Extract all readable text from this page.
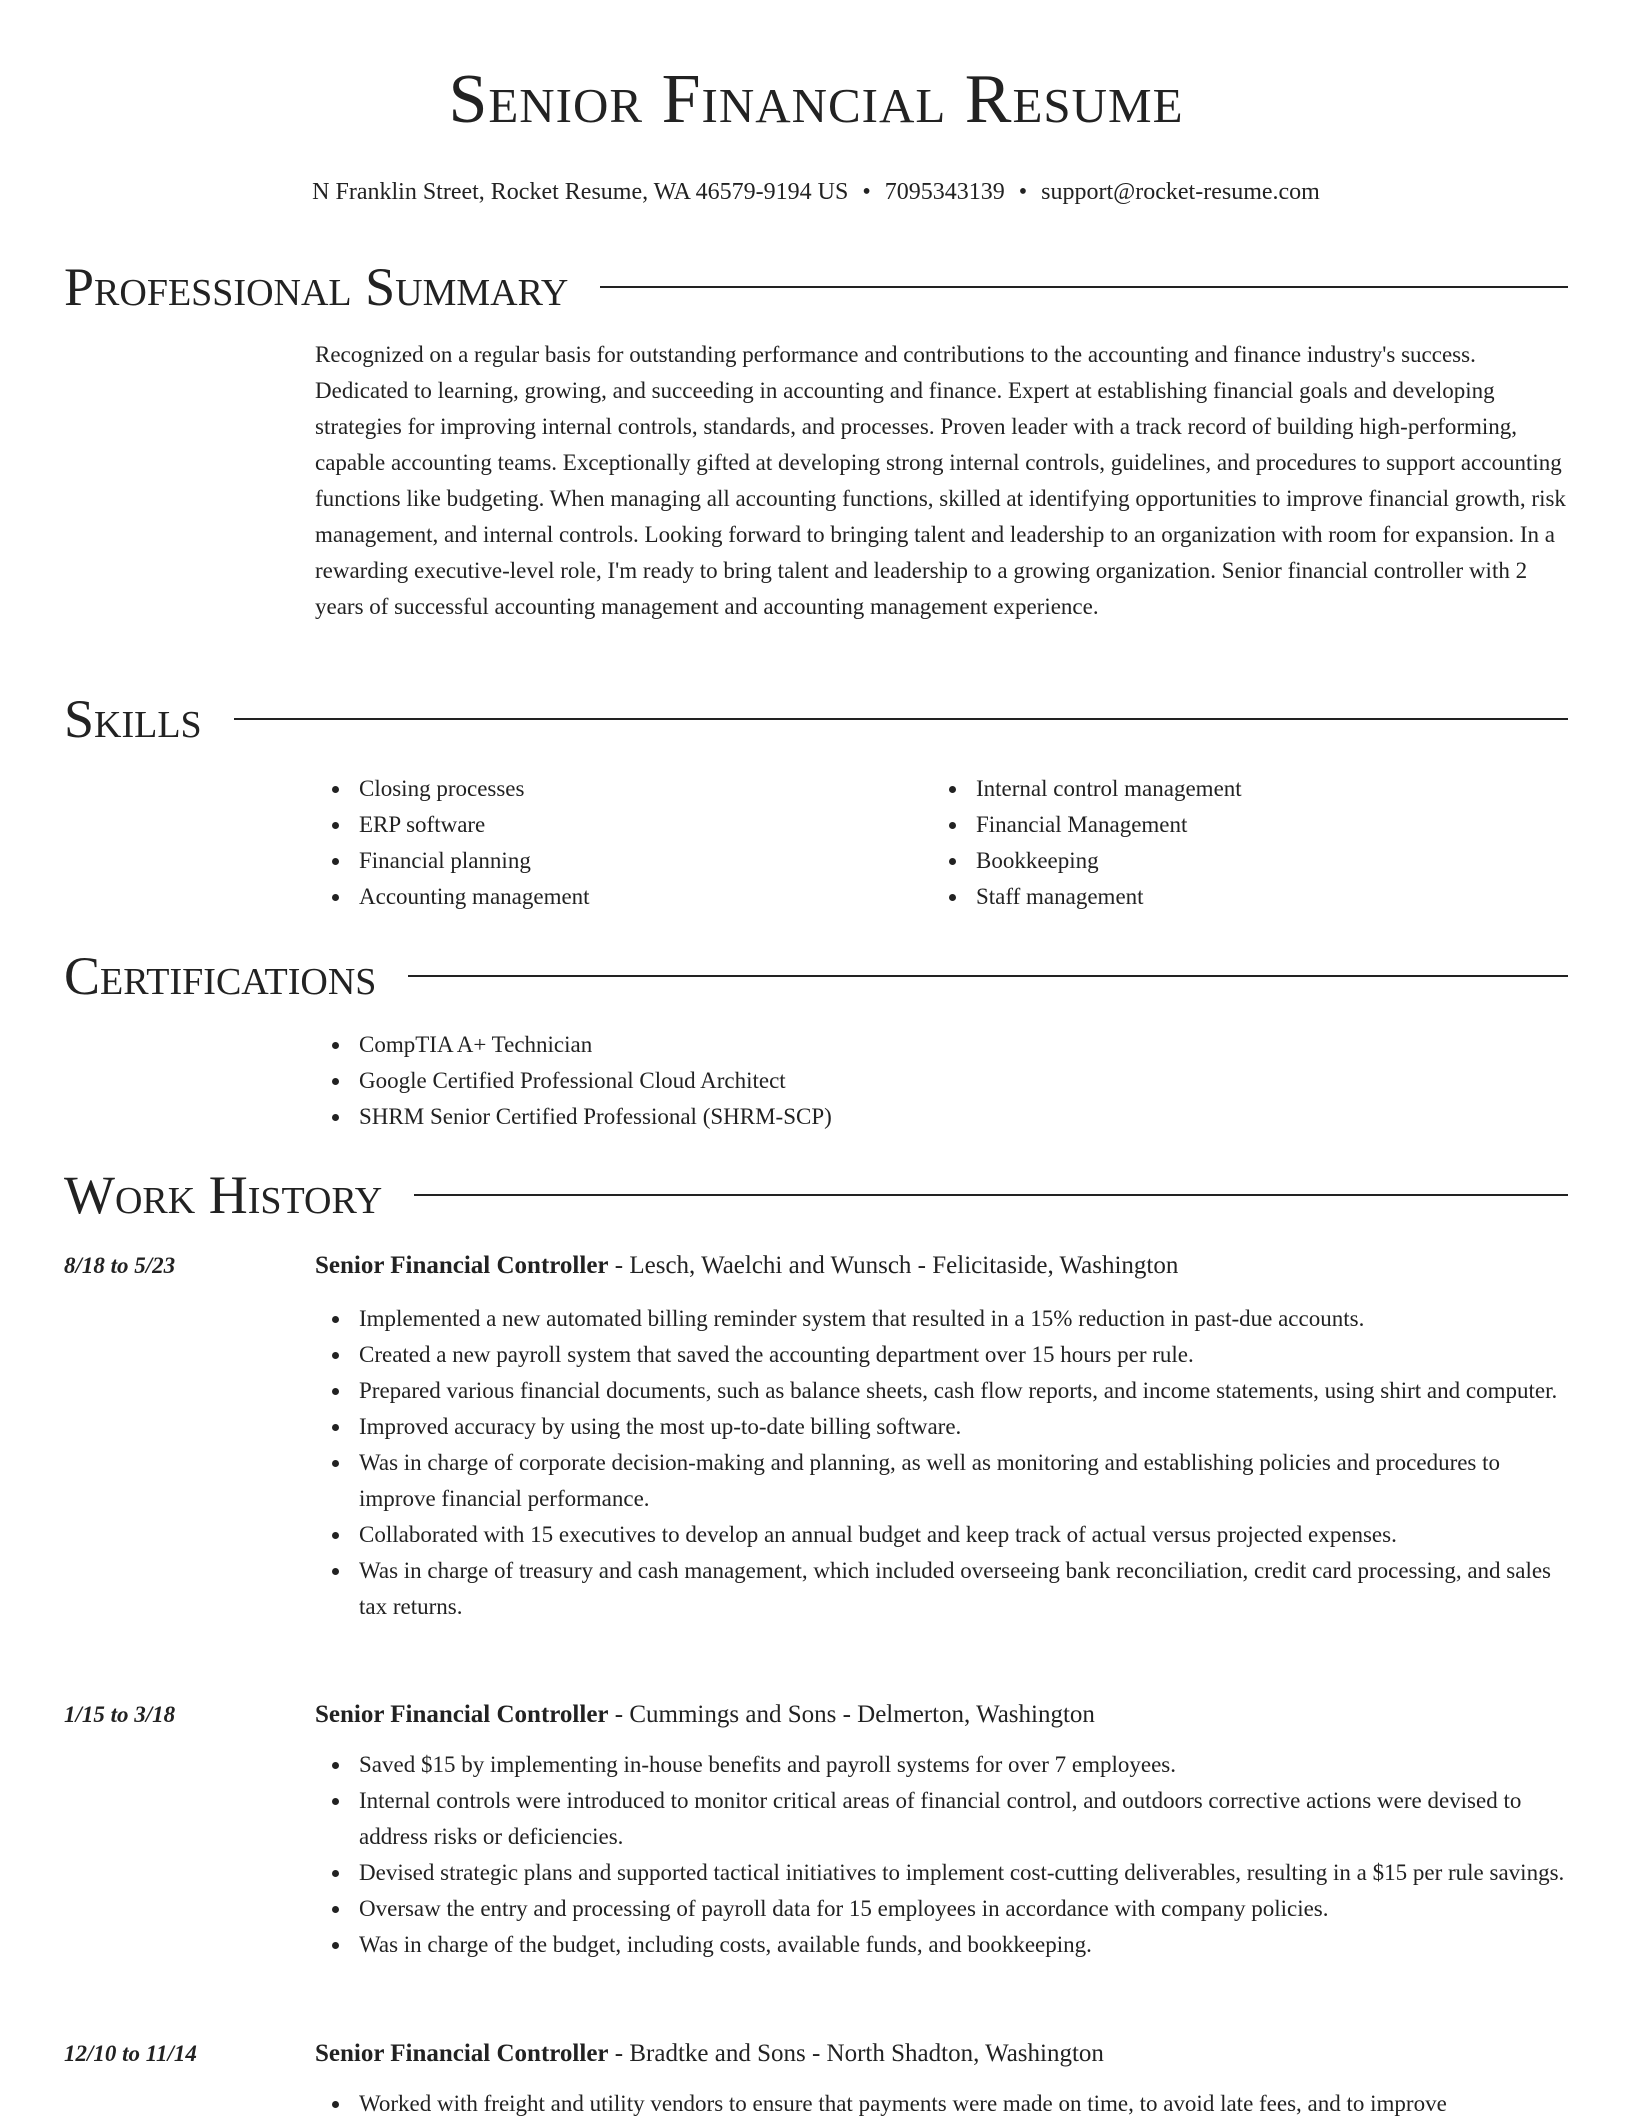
Senior Financial Resume
N Franklin Street, Rocket Resume, WA 46579-9194 US • 7095343139 • support@rocket-resume.com
Professional Summary

Recognized on a regular basis for outstanding performance and contributions to the accounting and finance industry's success. Dedicated to learning, growing, and succeeding in accounting and finance. Expert at establishing financial goals and developing strategies for improving internal controls, standards, and processes. Proven leader with a track record of building high-performing, capable accounting teams. Exceptionally gifted at developing strong internal controls, guidelines, and procedures to support accounting functions like budgeting. When managing all accounting functions, skilled at identifying opportunities to improve financial growth, risk management, and internal controls. Looking forward to bringing talent and leadership to an organization with room for expansion. In a rewarding executive-level role, I'm ready to bring talent and leadership to a growing organization. Senior financial controller with 2 years of successful accounting management and accounting management experience.

Skills
Closing processes
ERP software
Financial planning
Accounting management
Internal control management
Financial Management
Bookkeeping
Staff management
Certifications
CompTIA A+ Technician
Google Certified Professional Cloud Architect
SHRM Senior Certified Professional (SHRM-SCP)
Work History
8/18 to 5/23	Senior Financial Controller - Lesch, Waelchi and Wunsch - Felicitaside, Washington
Implemented a new automated billing reminder system that resulted in a 15% reduction in past-due accounts.
Created a new payroll system that saved the accounting department over 15 hours per rule.
Prepared various financial documents, such as balance sheets, cash flow reports, and income statements, using shirt and computer.
Improved accuracy by using the most up-to-date billing software.
Was in charge of corporate decision-making and planning, as well as monitoring and establishing policies and procedures to improve financial performance.
Collaborated with 15 executives to develop an annual budget and keep track of actual versus projected expenses.
Was in charge of treasury and cash management, which included overseeing bank reconciliation, credit card processing, and sales tax returns.
1/15 to 3/18	Senior Financial Controller - Cummings and Sons - Delmerton, Washington
Saved $15 by implementing in-house benefits and payroll systems for over 7 employees.
Internal controls were introduced to monitor critical areas of financial control, and outdoors corrective actions were devised to address risks or deficiencies.
Devised strategic plans and supported tactical initiatives to implement cost-cutting deliverables, resulting in a $15 per rule savings.
Oversaw the entry and processing of payroll data for 15 employees in accordance with company policies.
Was in charge of the budget, including costs, available funds, and bookkeeping.
12/10 to 11/14	Senior Financial Controller - Bradtke and Sons - North Shadton, Washington
Worked with freight and utility vendors to ensure that payments were made on time, to avoid late fees, and to improve
